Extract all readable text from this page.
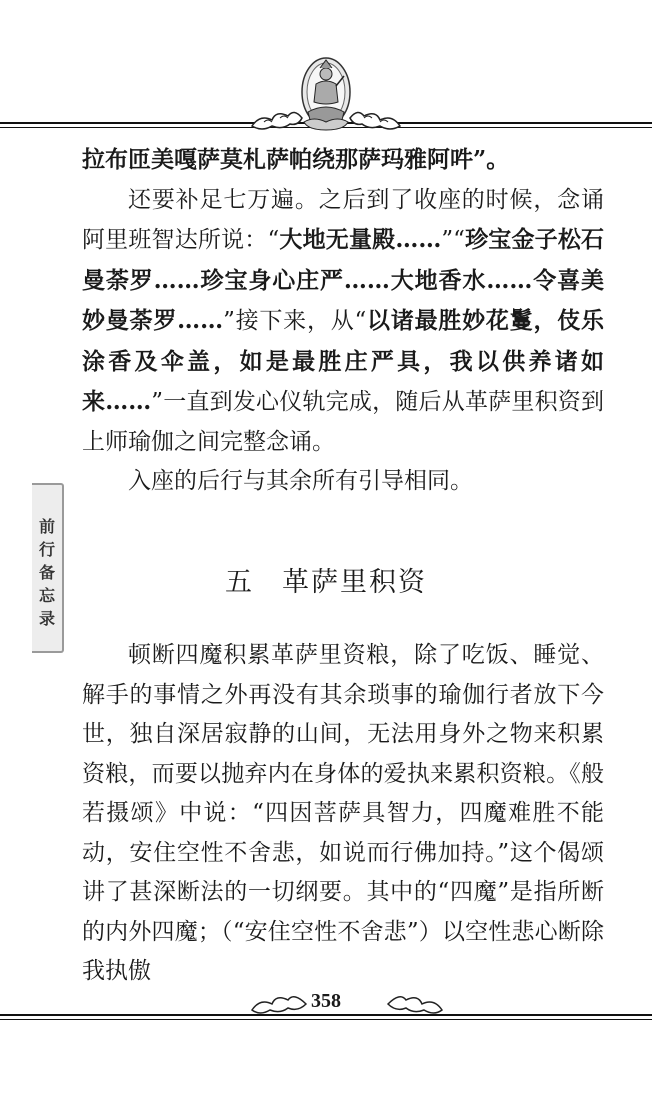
拉布匝美嘎萨莫札萨帕绕那萨玛雅阿吽”。

还要补足七万遍。之后到了收座的时候，念诵阿里班智达所说：“大地无量殿……”“珍宝金子松石曼荼罗……珍宝身心庄严……大地香水……令喜美妙曼荼罗……”接下来，从“以诸最胜妙花鬘，伎乐涂香及伞盖，如是最胜庄严具，我以供养诸如来……”一直到发心仪轨完成，随后从革萨里积资到上师瑜伽之间完整念诵。

入座的后行与其余所有引导相同。

前行备忘录
五 革萨里积资

顿断四魔积累革萨里资粮，除了吃饭、睡觉、解手的事情之外再没有其余琐事的瑜伽行者放下今世，独自深居寂静的山间，无法用身外之物来积累资粮，而要以抛弃内在身体的爱执来累积资粮。《般若摄颂》中说：“四因菩萨具智力，四魔难胜不能动，安住空性不舍悲，如说而行佛加持。”这个偈颂讲了甚深断法的一切纲要。其中的“四魔”是指所断的内外四魔；（“安住空性不舍悲”）以空性悲心断除我执傲

358
